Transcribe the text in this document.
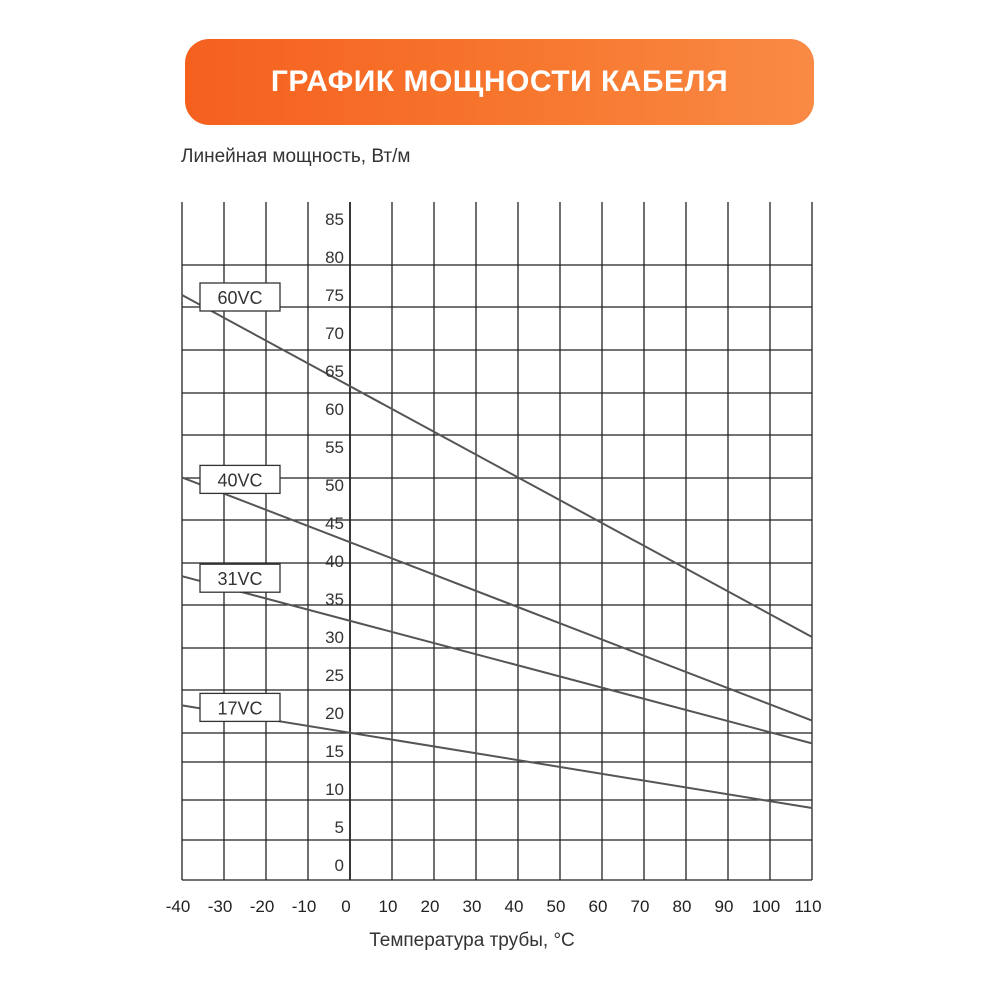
ГРАФИК МОЩНОСТИ КАБЕЛЯ
Линейная мощность, Вт/м
0
5
10
15
20
25
30
35
40
45
50
55
60
65
70
75
80
85
-40 -30 -20 -10 0 10 20 30 40 50 60 70 80 90 100 110
60VC
40VC
31VC
17VC
Температура трубы, °C
